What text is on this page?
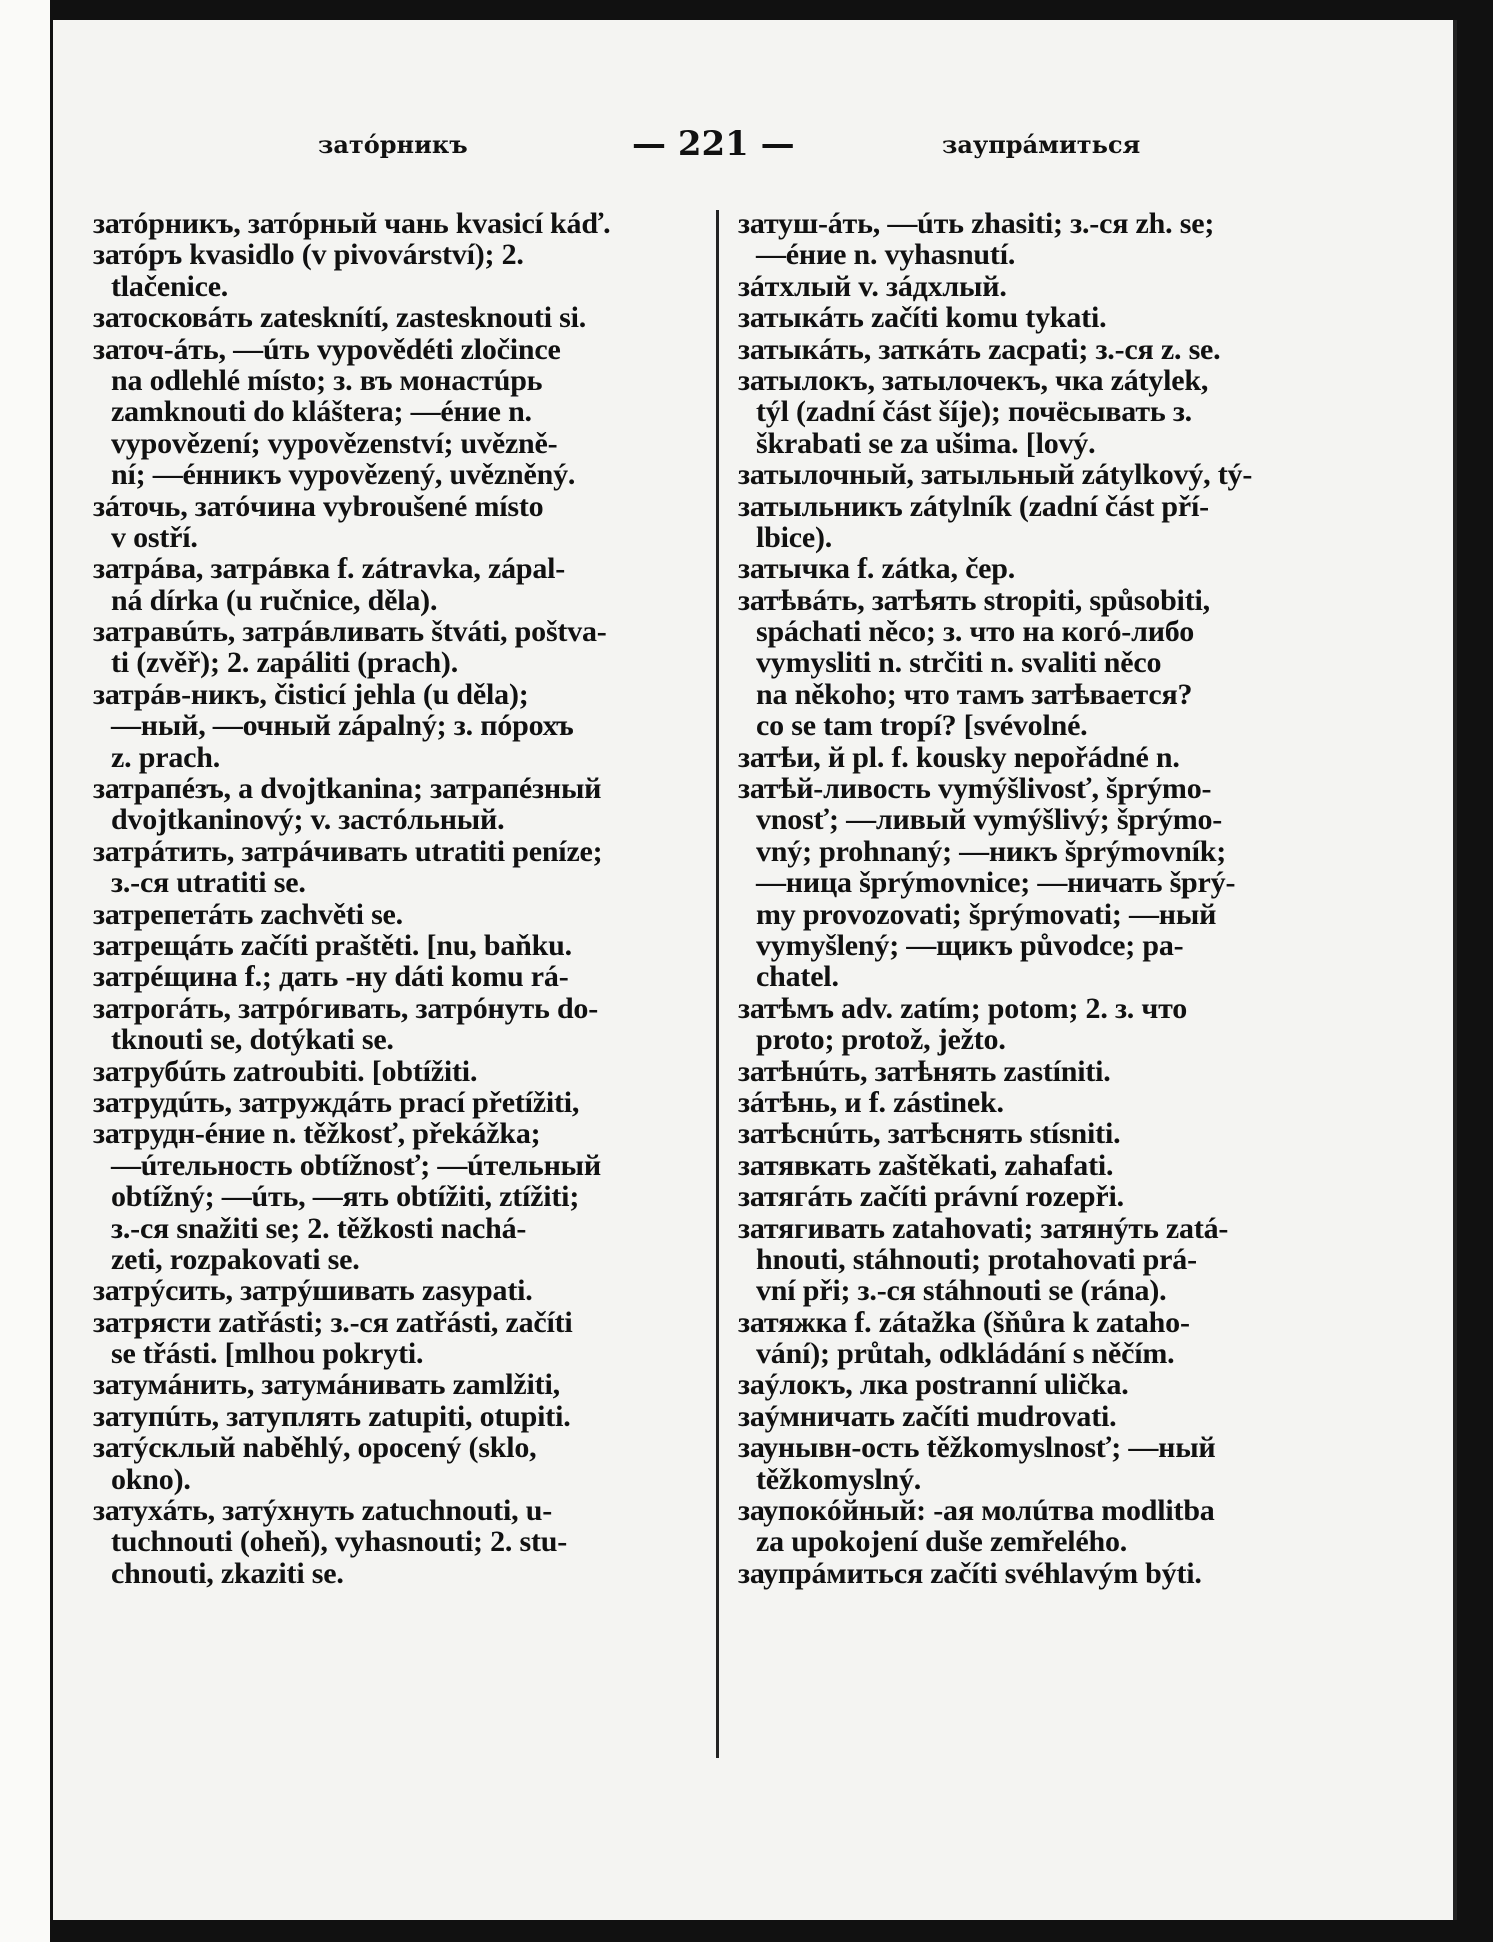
затóрникъ	— 221 —	заупрáмиться
затóрникъ, затóрный чань kvasicí káď.
затóръ kvasidlo (v pivovárství); 2.
tlačenice.
затосковáть zatesknítí, zastesknouti si.
заточ-áть, —úть vypovědéti zločince
na odlehlé místo; з. въ монастúрь
zamknouti do kláštera; —éние n.
vypovězení; vypovězenství; uvězně-
ní; —éнникъ vypovězený, uvězněný.
зáточь, затóчина vybroušené místo
v ostří.
затрáва, затрáвка f. zátravka, zápal-
ná dírka (u ručnice, děla).
затравúть, затрáвливать štváti, poštva-
ti (zvěř); 2. zapáliti (prach).
затрáв-никъ, čisticí jehla (u děla);
—ный, —очный zápalný; з. пóрохъ
z. prach.
затрапéзъ, a dvojtkanina; затрапéзный
dvojtkaninový; v. застóльный.
затрáтить, затрáчивать utratiti peníze;
з.-ся utratiti se.
затрепетáть zachvěti se.
затрещáть začíti praštěti. [nu, baňku.
затрéщина f.; дать -ну dáti komu rá-
затрогáть, затрóгивать, затрóнуть do-
tknouti se, dotýkati se.
затрубúть zatroubiti. [obtížiti.
затрудúть, затруждáть prací přetížiti,
затрудн-éние n. těžkosť, překážka;
—úтельность obtížnosť; —úтельный
obtížný; —úть, —ять obtížiti, ztížiti;
з.-ся snažiti se; 2. těžkosti nachá-
zeti, rozpakovati se.
затрýсить, затрýшивать zasypati.
затрясти zatřásti; з.-ся zatřásti, začíti
se třásti. [mlhou pokryti.
затумáнить, затумáнивать zamlžiti,
затупúть, затуплять zatupiti, otupiti.
затýсклый naběhlý, opocený (sklo,
okno).
затухáть, затýхнуть zatuchnouti, u-
tuchnouti (oheň), vyhasnouti; 2. stu-
chnouti, zkaziti se.
затуш-áть, —úть zhasiti; з.-ся zh. se;
—éние n. vyhasnutí.
зáтхлый v. зáдхлый.
затыкáть začíti komu tykati.
затыкáть, заткáть zacpati; з.-ся z. se.
затылокъ, затылочекъ, чка zátylek,
týl (zadní část šíje); почёсывать з.
škrabati se za ušima. [lový.
затылочный, затыльный zátylkový, tý-
затыльникъ zátylník (zadní část pří-
lbice).
затычка f. zátka, čep.
затѣвáть, затѣять stropiti, spůsobiti,
spáchati něco; з. что на когó-либо
vymysliti n. strčiti n. svaliti něco
na někoho; что тамъ затѣвается?
co se tam tropí? [svévolné.
затѣи, й pl. f. kousky nepořádné n.
затѣй-ливость vymýšlivosť, šprýmo-
vnosť; —ливый vymýšlivý; šprýmo-
vný; prohnaný; —никъ šprýmovník;
—ница šprýmovnice; —ничать šprý-
my provozovati; šprýmovati; —ный
vymyšlený; —щикъ původce; pa-
chatel.
затѣмъ adv. zatím; potom; 2. з. что
proto; protož, ježto.
затѣнúть, затѣнять zastíniti.
зáтѣнь, и f. zástinek.
затѣснúть, затѣснять stísniti.
затявкать zaštěkati, zahafati.
затягáть začíti právní rozepři.
затягивать zatahovati; затянýть zatá-
hnouti, stáhnouti; protahovati prá-
vní při; з.-ся stáhnouti se (rána).
затяжка f. zátažka (šňůra k zataho-
vání); průtah, odkládání s něčím.
заýлокъ, лка postranní ulička.
заýмничать začíti mudrovati.
заунывн-ость těžkomyslnosť; —ный
těžkomyslný.
заупокóйный: -ая молúтва modlitba
za upokojení duše zemřelého.
заупрáмиться začíti svéhlavým býti.
